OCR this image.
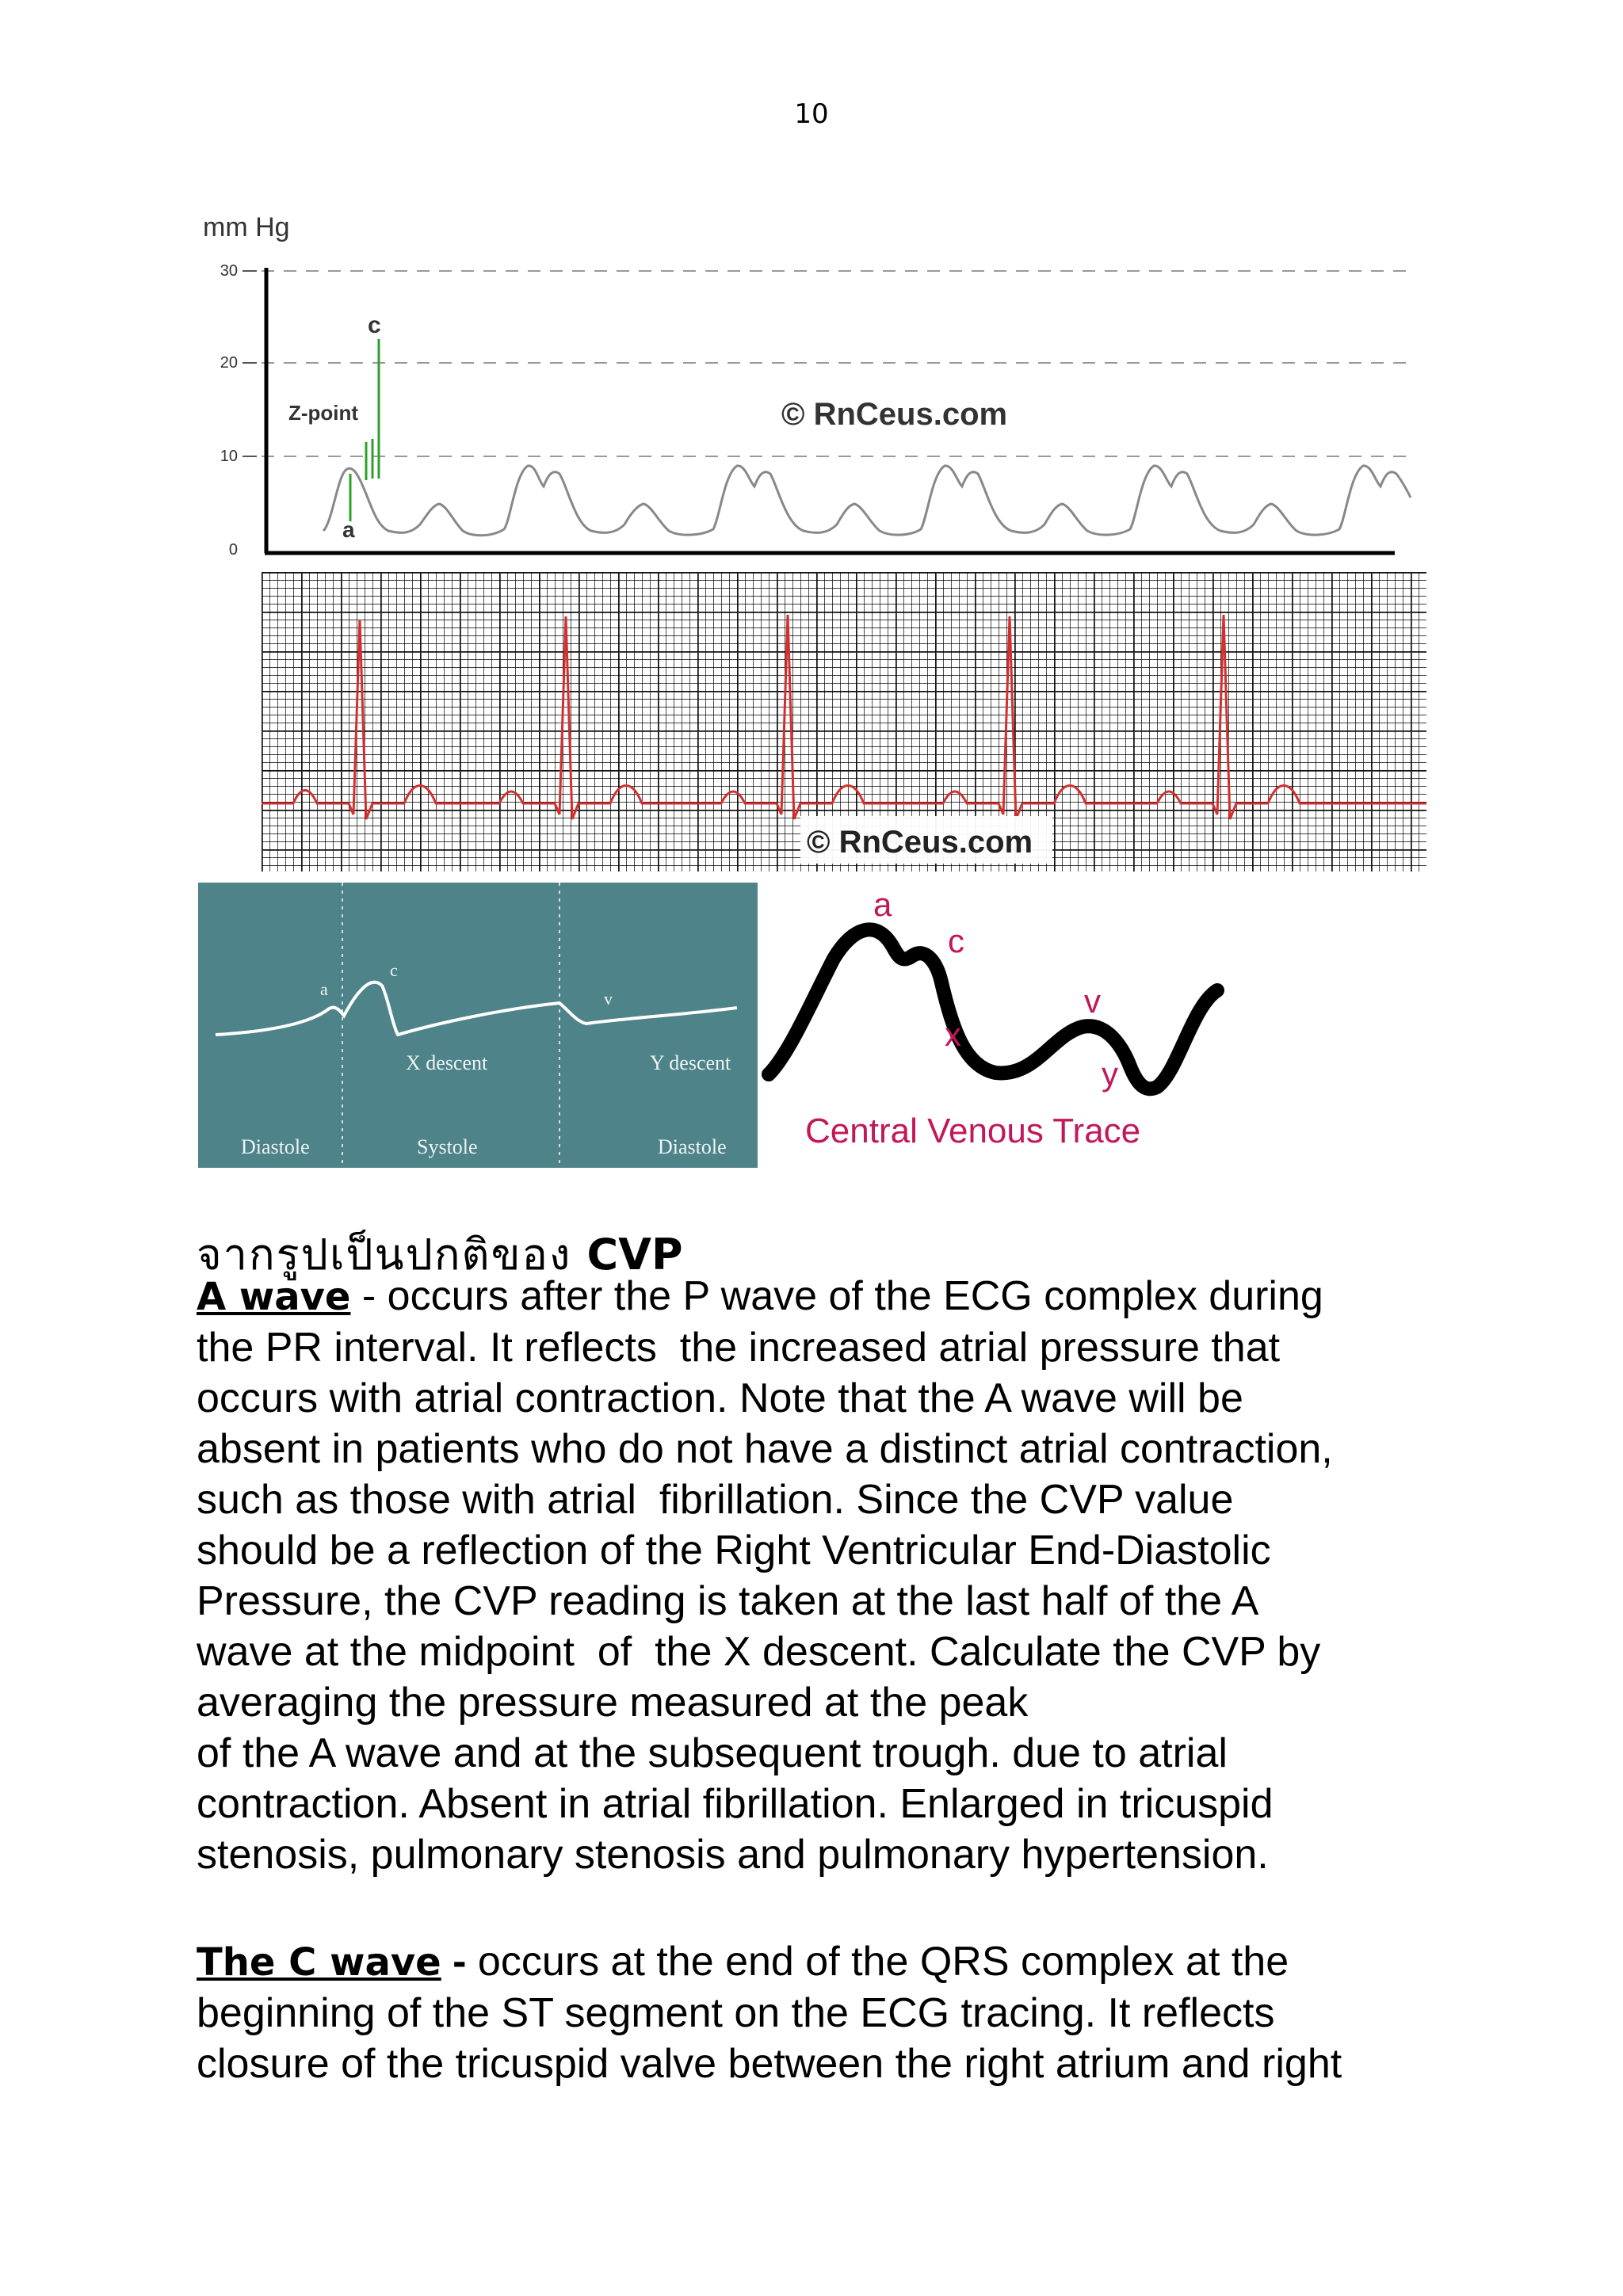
10
mm Hg
30
20
10
0
c
Z-point
a
© RnCeus.com
© RnCeus.com
a
c
v
X descent	Y descent
Diastole	Systole	Diastole
a
c
x
v
y
Central Venous Trace
จากรูปเป็นปกติของ CVP
A wave - occurs after the P wave of the ECG complex during
the PR interval. It reflects  the increased atrial pressure that
occurs with atrial contraction. Note that the A wave will be
absent in patients who do not have a distinct atrial contraction,
such as those with atrial  fibrillation. Since the CVP value
should be a reflection of the Right Ventricular End-Diastolic
Pressure, the CVP reading is taken at the last half of the A
wave at the midpoint  of  the X descent. Calculate the CVP by
averaging the pressure measured at the peak
of the A wave and at the subsequent trough. due to atrial
contraction. Absent in atrial fibrillation. Enlarged in tricuspid
stenosis, pulmonary stenosis and pulmonary hypertension.
The C wave - occurs at the end of the QRS complex at the
beginning of the ST segment on the ECG tracing. It reflects
closure of the tricuspid valve between the right atrium and right
